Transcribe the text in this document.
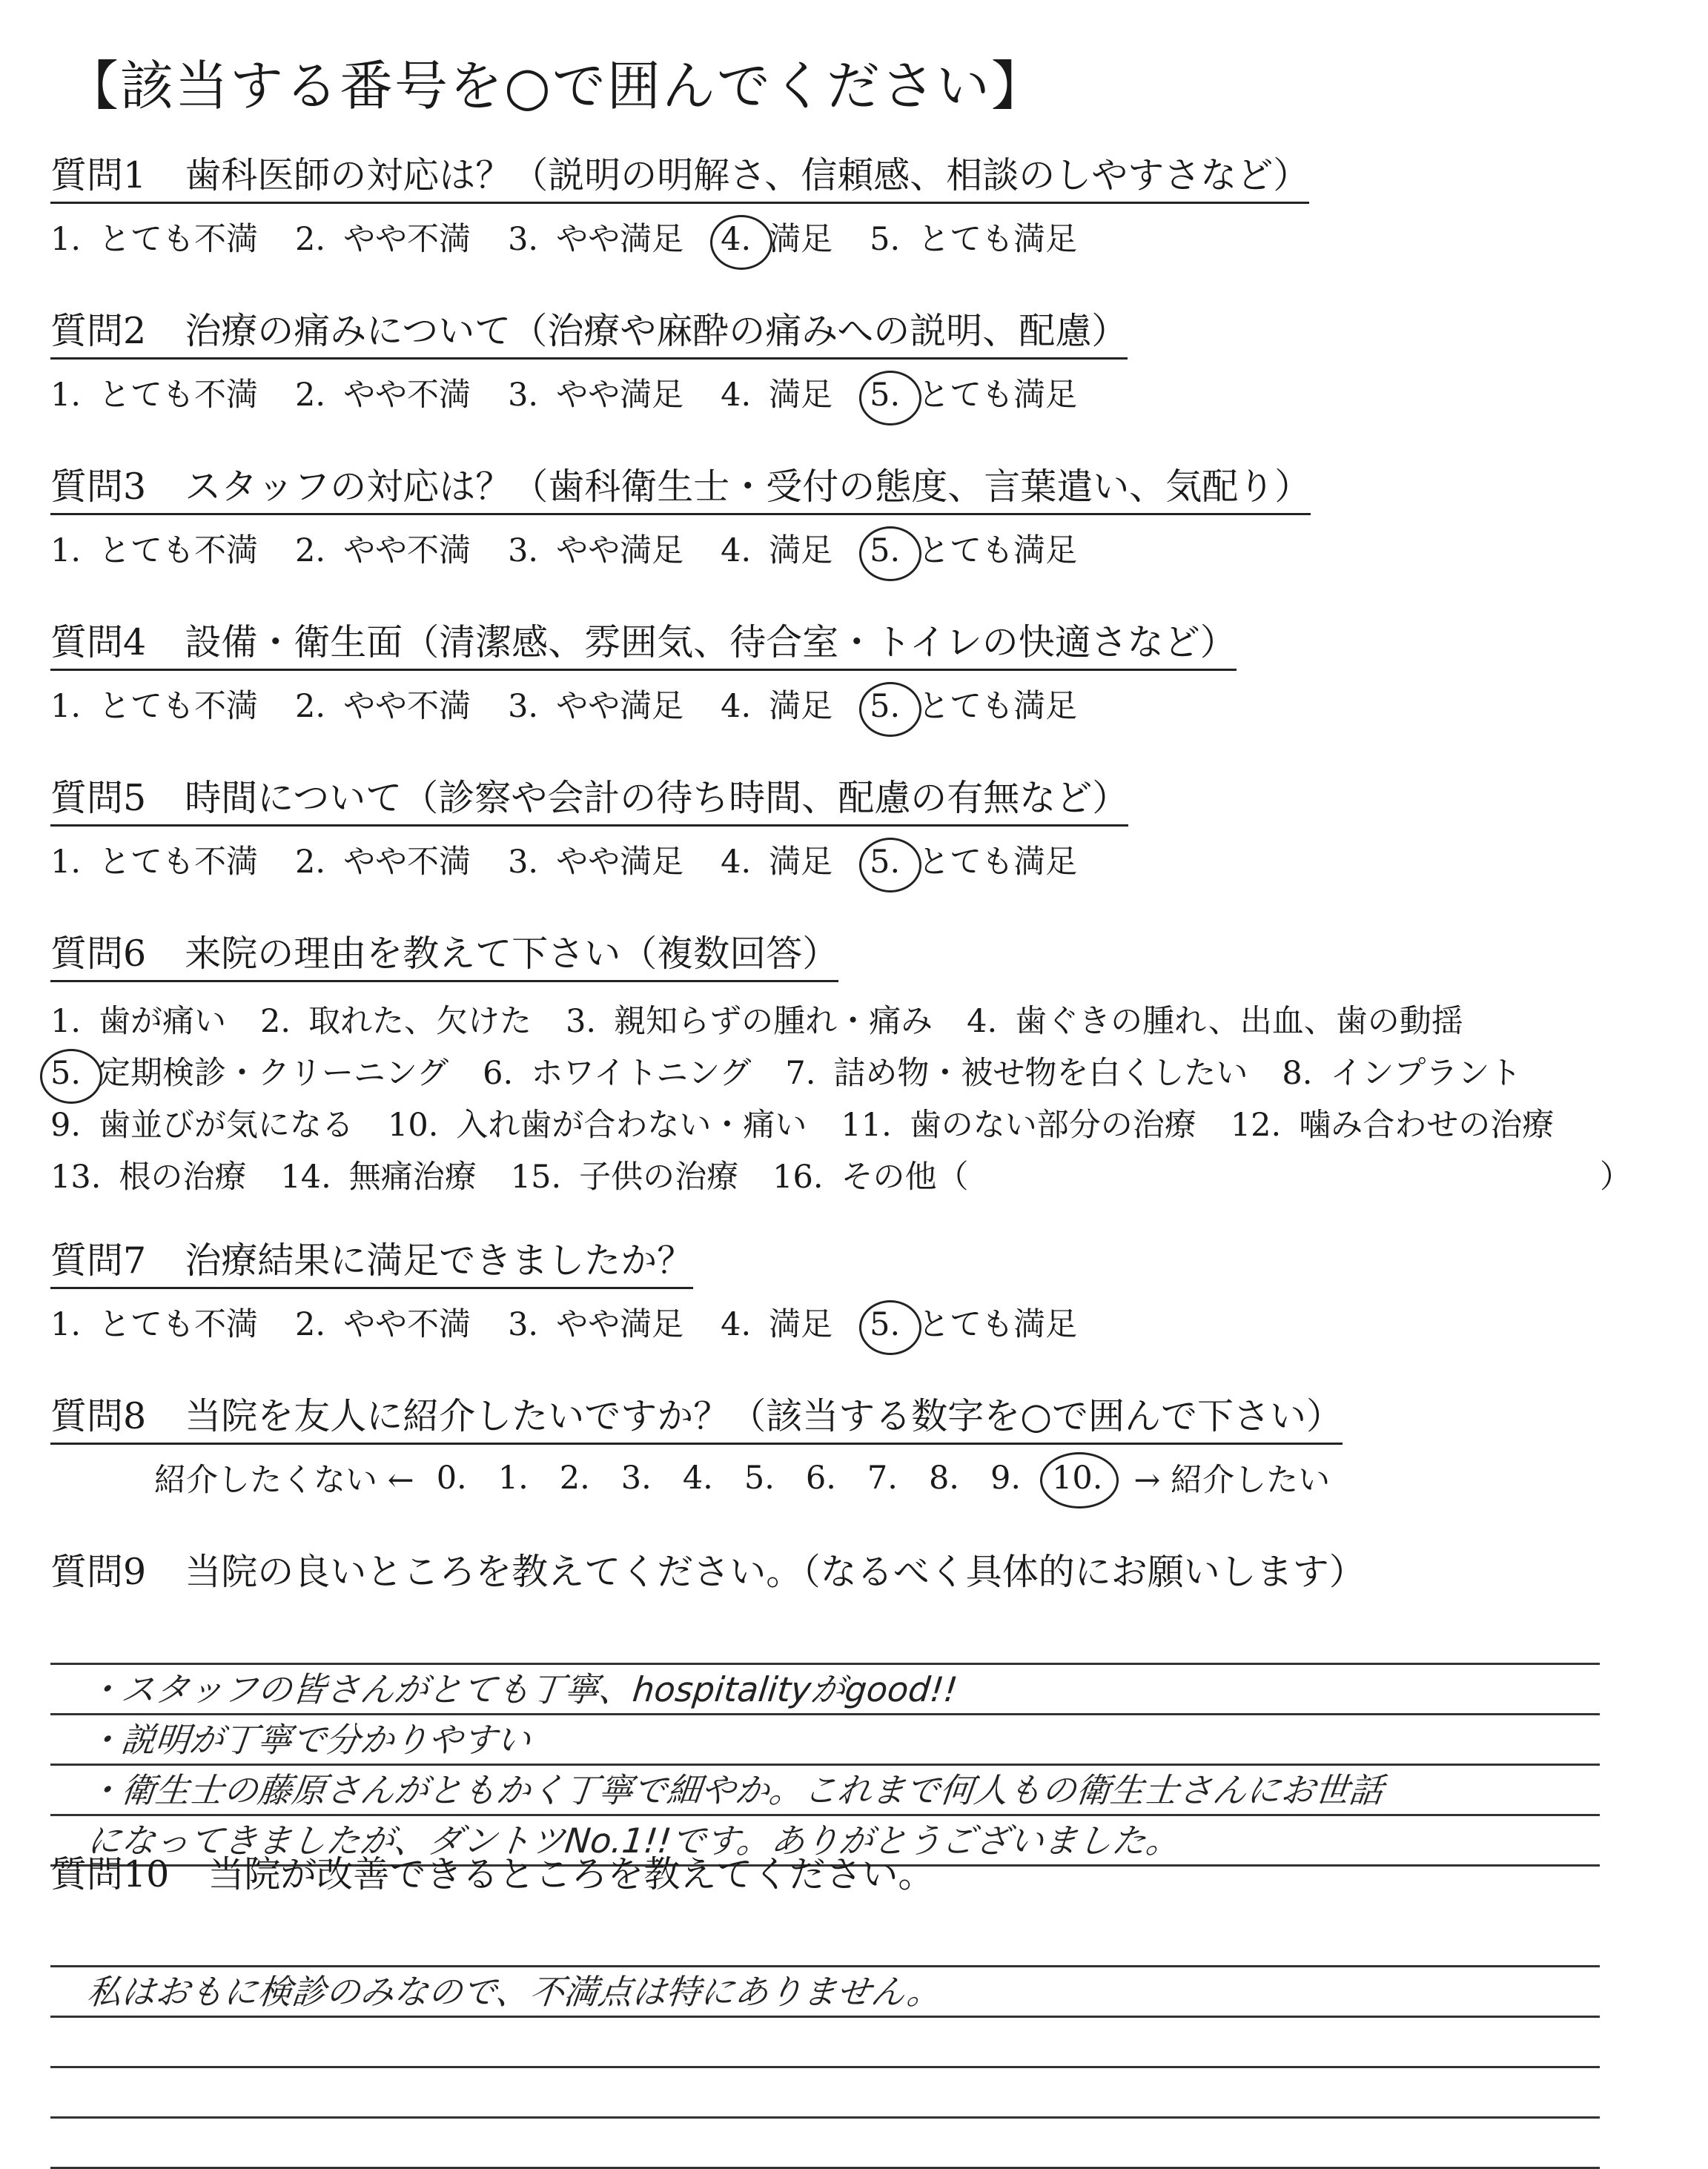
【該当する番号を○で囲んでください】
質問1 歯科医師の対応は？（説明の明解さ、信頼感、相談のしやすさなど）
1. とても不満 2. やや不満 3. やや満足 4. 満足 5. とても満足
質問2 治療の痛みについて（治療や麻酔の痛みへの説明、配慮）
1. とても不満 2. やや不満 3. やや満足 4. 満足 5. とても満足
質問3 スタッフの対応は？（歯科衛生士・受付の態度、言葉遣い、気配り）
1. とても不満 2. やや不満 3. やや満足 4. 満足 5. とても満足
質問4 設備・衛生面（清潔感、雰囲気、待合室・トイレの快適さなど）
1. とても不満 2. やや不満 3. やや満足 4. 満足 5. とても満足
質問5 時間について（診察や会計の待ち時間、配慮の有無など）
1. とても不満 2. やや不満 3. やや満足 4. 満足 5. とても満足
質問6 来院の理由を教えて下さい（複数回答）
1. 歯が痛い 2. 取れた、欠けた 3. 親知らずの腫れ・痛み 4. 歯ぐきの腫れ、出血、歯の動揺
5. 定期検診・クリーニング 6. ホワイトニング 7. 詰め物・被せ物を白くしたい 8. インプラント
9. 歯並びが気になる 10. 入れ歯が合わない・痛い 11. 歯のない部分の治療 12. 噛み合わせの治療
13. 根の治療 14. 無痛治療 15. 子供の治療 16. その他（	）
質問7 治療結果に満足できましたか？
1. とても不満 2. やや不満 3. やや満足 4. 満足 5. とても満足
質問8 当院を友人に紹介したいですか？（該当する数字を○で囲んで下さい）
紹介したくない ← 0. 1. 2. 3. 4. 5. 6. 7. 8. 9. 10. → 紹介したい
質問9 当院の良いところを教えてください。（なるべく具体的にお願いします）
・スタッフの皆さんがとても丁寧、hospitalityがgood!!
・説明が丁寧で分かりやすい
・衛生士の藤原さんがともかく丁寧で細やか。これまで何人もの衛生士さんにお世話
になってきましたが、ダントツNo.1!!です。ありがとうございました。
質問10 当院が改善できるところを教えてください。
私はおもに検診のみなので、不満点は特にありません。
